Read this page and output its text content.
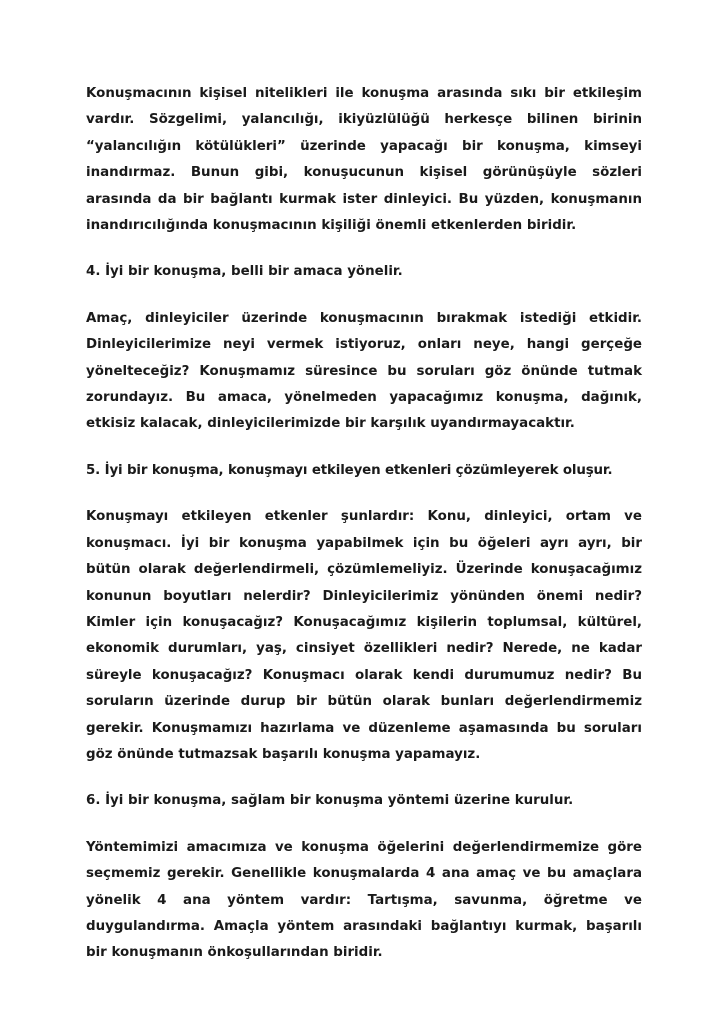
Konuşmacının kişisel nitelikleri ile konuşma arasında sıkı bir etkileşim vardır. Sözgelimi, yalancılığı, ikiyüzlülüğü herkesçe bilinen birinin “yalancılığın kötülükleri” üzerinde yapacağı bir konuşma, kimseyi inandırmaz. Bunun gibi, konuşucunun kişisel görünüşüyle sözleri arasında da bir bağlantı kurmak ister dinleyici. Bu yüzden, konuşmanın inandırıcılığında konuşmacının kişiliği önemli etkenlerden biridir.

4. İyi bir konuşma, belli bir amaca yönelir.

Amaç, dinleyiciler üzerinde konuşmacının bırakmak istediği etkidir. Dinleyicilerimize neyi vermek istiyoruz, onları neye, hangi gerçeğe yönelteceğiz? Konuşmamız süresince bu soruları göz önünde tutmak zorundayız. Bu amaca, yönelmeden yapacağımız konuşma, dağınık, etkisiz kalacak, dinleyicilerimizde bir karşılık uyandırmayacaktır.

5. İyi bir konuşma, konuşmayı etkileyen etkenleri çözümleyerek oluşur.

Konuşmayı etkileyen etkenler şunlardır: Konu, dinleyici, ortam ve konuşmacı. İyi bir konuşma yapabilmek için bu öğeleri ayrı ayrı, bir bütün olarak değerlendirmeli, çözümlemeliyiz. Üzerinde konuşacağımız konunun boyutları nelerdir? Dinleyicilerimiz yönünden önemi nedir? Kimler için konuşacağız? Konuşacağımız kişilerin toplumsal, kültürel, ekonomik durumları, yaş, cinsiyet özellikleri nedir? Nerede, ne kadar süreyle konuşacağız? Konuşmacı olarak kendi durumumuz nedir? Bu soruların üzerinde durup bir bütün olarak bunları değerlendirmemiz gerekir. Konuşmamızı hazırlama ve düzenleme aşamasında bu soruları göz önünde tutmazsak başarılı konuşma yapamayız.

6. İyi bir konuşma, sağlam bir konuşma yöntemi üzerine kurulur.

Yöntemimizi amacımıza ve konuşma öğelerini değerlendirmemize göre seçmemiz gerekir. Genellikle konuşmalarda 4 ana amaç ve bu amaçlara yönelik 4 ana yöntem vardır: Tartışma, savunma, öğretme ve duygulandırma. Amaçla yöntem arasındaki bağlantıyı kurmak, başarılı bir konuşmanın önkoşullarından biridir.
